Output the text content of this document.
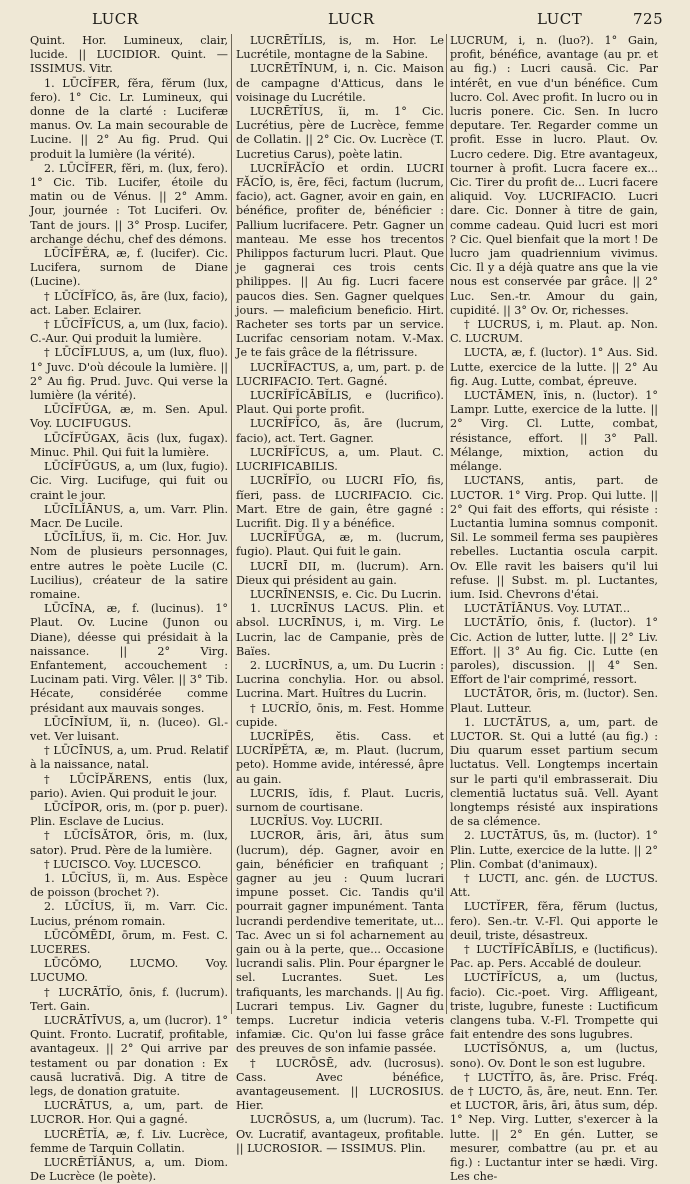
LUCR	LUCR	LUCT	725

Quint. Hor. Lumineux, clair, lucide. || LUCIDIOR. Quint. — ISSIMUS. Vitr.

1. LŪCĬFER, fĕra, fĕrum (lux, fero). 1° Cic. Lr. Lumineux, qui donne de la clarté : Luciferæ manus. Ov. La main secourable de Lucine. || 2° Au fig. Prud. Qui produit la lumière (la vérité).

2. LŪCĬFER, fĕri, m. (lux, fero). 1° Cic. Tib. Lucifer, étoile du matin ou de Vénus. || 2° Amm. Jour, journée : Tot Luciferi. Ov. Tant de jours. || 3° Prosp. Lucifer, archange déchu, chef des démons.

LŪCĬFĔRA, æ, f. (lucifer). Cic. Lucifera, surnom de Diane (Lucine).

† LŪCĬFĬCO, ās, āre (lux, facio), act. Laber. Eclairer.

† LŪCĬFĬCUS, a, um (lux, facio). C.-Aur. Qui produit la lumière.

† LŪCĬFLUUS, a, um (lux, fluo). 1° Juvc. D'où découle la lumière. || 2° Au fig. Prud. Juvc. Qui verse la lumière (la vérité).

LŪCĬFŬGA, æ, m. Sen. Apul. Voy. LUCIFUGUS.

LŪCĬFŬGAX, ācis (lux, fugax). Minuc. Phil. Qui fuit la lumière.

LŪCĬFŬGUS, a, um (lux, fugio). Cic. Virg. Lucifuge, qui fuit ou craint le jour.

LŪCĪLĬĀNUS, a, um. Varr. Plin. Macr. De Lucile.

LŪCĪLĬUS, ĭi, m. Cic. Hor. Juv. Nom de plusieurs personnages, entre autres le poète Lucile (C. Lucilius), créateur de la satire romaine.

LŪCĪNA, æ, f. (lucinus). 1° Plaut. Ov. Lucine (Junon ou Diane), déesse qui présidait à la naissance. || 2° Virg. Enfantement, accouchement : Lucinam pati. Virg. Vêler. || 3° Tib. Hécate, considérée comme présidant aux mauvais songes.

LŪCĪNĬUM, ĭi, n. (luceo). Gl.-vet. Ver luisant.

† LŪCĪNUS, a, um. Prud. Relatif à la naissance, natal.

† LŪCĬPĂRENS, entis (lux, pario). Avien. Qui produit le jour.

LŪCĬPOR, oris, m. (por p. puer). Plin. Esclave de Lucius.

† LŪCĬSĂTOR, ōris, m. (lux, sator). Prud. Père de la lumière.

† LUCISCO. Voy. LUCESCO.

1. LŪCĬUS, ĭi, m. Aus. Espèce de poisson (brochet ?).

2. LŪCĬUS, ĭi, m. Varr. Cic. Lucius, prénom romain.

LŪCŎMĒDI, ōrum, m. Fest. C. LUCERES.

LŪCŎMO, LUCMO. Voy. LUCUMO.

† LUCRĀTĬO, ōnis, f. (lucrum). Tert. Gain.

LUCRĀTĪVUS, a, um (lucror). 1° Quint. Fronto. Lucratif, profitable, avantageux. || 2° Qui arrive par testament ou par donation : Ex causā lucrativā. Dig. A titre de legs, de donation gratuite.

LUCRĀTUS, a, um, part. de LUCROR. Hor. Qui a gagné.

LUCRĒTĬA, æ, f. Liv. Lucrèce, femme de Tarquin Collatin.

LUCRĒTĬĀNUS, a, um. Diom. De Lucrèce (le poète).

LUCRĒTĬLIS, is, m. Hor. Le Lucrétile, montagne de la Sabine.

LUCRĒTĪNUM, i, n. Cic. Maison de campagne d'Atticus, dans le voisinage du Lucrétile.

LUCRĒTĬUS, ĭi, m. 1° Cic. Lucrétius, père de Lucrèce, femme de Collatin. || 2° Cic. Ov. Lucrèce (T. Lucretius Carus), poète latin.

LUCRĬFĂCĬO et ordin. LUCRI FĂCĬO, is, ēre, fēci, factum (lucrum, facio), act. Gagner, avoir en gain, en bénéfice, profiter de, bénéficier : Pallium lucrifacere. Petr. Gagner un manteau. Me esse hos trecentos Philippos facturum lucri. Plaut. Que je gagnerai ces trois cents philippes. || Au fig. Lucri facere paucos dies. Sen. Gagner quelques jours. — maleficium beneficio. Hirt. Racheter ses torts par un service. Lucrifac censoriam notam. V.-Max. Je te fais grâce de la flétrissure.

LUCRĬFACTUS, a, um, part. p. de LUCRIFACIO. Tert. Gagné.

LUCRĬFĬCĀBĬLIS, e (lucrifico). Plaut. Qui porte profit.

LUCRĬFĬCO, ās, āre (lucrum, facio), act. Tert. Gagner.

LUCRĬFĬCUS, a, um. Plaut. C. LUCRIFICABILIS.

LUCRĬFĬO, ou LUCRI FĪO, fis, fĭeri, pass. de LUCRIFACIO. Cic. Mart. Etre de gain, être gagné : Lucrifit. Dig. Il y a bénéfice.

LUCRĬFŬGA, æ, m. (lucrum, fugio). Plaut. Qui fuit le gain.

LUCRĪ DII, m. (lucrum). Arn. Dieux qui président au gain.

LUCRĪNENSIS, e. Cic. Du Lucrin.

1. LUCRĪNUS LACUS. Plin. et absol. LUCRĪNUS, i, m. Virg. Le Lucrin, lac de Campanie, près de Baïes.

2. LUCRĪNUS, a, um. Du Lucrin : Lucrina conchylia. Hor. ou absol. Lucrina. Mart. Huîtres du Lucrin.

† LUCRĬO, ōnis, m. Fest. Homme cupide.

LUCRĬPĒS, ĕtis. Cass. et LUCRĬPĔTA, æ, m. Plaut. (lucrum, peto). Homme avide, intéressé, âpre au gain.

LUCRIS, ĭdis, f. Plaut. Lucris, surnom de courtisane.

LUCRĬUS. Voy. LUCRII.

LUCROR, āris, āri, ātus sum (lucrum), dép. Gagner, avoir en gain, bénéficier en trafiquant ; gagner au jeu : Quum lucrari impune posset. Cic. Tandis qu'il pourrait gagner impunément. Tanta lucrandi perdendive temeritate, ut... Tac. Avec un si fol acharnement au gain ou à la perte, que... Occasione lucrandi salis. Plin. Pour épargner le sel. Lucrantes. Suet. Les trafiquants, les marchands. || Au fig. Lucrari tempus. Liv. Gagner du temps. Lucretur indicia veteris infamiæ. Cic. Qu'on lui fasse grâce des preuves de son infamie passée.

† LUCRŌSĒ, adv. (lucrosus). Cass. Avec bénéfice, avantageusement. || LUCROSIUS. Hier.

LUCRŌSUS, a, um (lucrum). Tac. Ov. Lucratif, avantageux, profitable. || LUCROSIOR. — ISSIMUS. Plin.

LUCRUM, i, n. (luo?). 1° Gain, profit, bénéfice, avantage (au pr. et au fig.) : Lucri causā. Cic. Par intérêt, en vue d'un bénéfice. Cum lucro. Col. Avec profit. In lucro ou in lucris ponere. Cic. Sen. In lucro deputare. Ter. Regarder comme un profit. Esse in lucro. Plaut. Ov. Lucro cedere. Dig. Etre avantageux, tourner à profit. Lucra facere ex... Cic. Tirer du profit de... Lucri facere aliquid. Voy. LUCRIFACIO. Lucri dare. Cic. Donner à titre de gain, comme cadeau. Quid lucri est mori ? Cic. Quel bienfait que la mort ! De lucro jam quadriennium vivimus. Cic. Il y a déjà quatre ans que la vie nous est conservée par grâce. || 2° Luc. Sen.-tr. Amour du gain, cupidité. || 3° Ov. Or, richesses.

† LUCRUS, i, m. Plaut. ap. Non. C. LUCRUM.

LUCTA, æ, f. (luctor). 1° Aus. Sid. Lutte, exercice de la lutte. || 2° Au fig. Aug. Lutte, combat, épreuve.

LUCTĀMEN, ĭnis, n. (luctor). 1° Lampr. Lutte, exercice de la lutte. || 2° Virg. Cl. Lutte, combat, résistance, effort. || 3° Pall. Mélange, mixtion, action du mélange.

LUCTANS, antis, part. de LUCTOR. 1° Virg. Prop. Qui lutte. || 2° Qui fait des efforts, qui résiste : Luctantia lumina somnus componit. Sil. Le sommeil ferma ses paupières rebelles. Luctantia oscula carpit. Ov. Elle ravit les baisers qu'il lui refuse. || Subst. m. pl. Luctantes, ium. Isid. Chevrons d'étai.

LUCTĀTĬĀNUS. Voy. LUTAT...

LUCTĀTĬO, ōnis, f. (luctor). 1° Cic. Action de lutter, lutte. || 2° Liv. Effort. || 3° Au fig. Cic. Lutte (en paroles), discussion. || 4° Sen. Effort de l'air comprimé, ressort.

LUCTĀTOR, ōris, m. (luctor). Sen. Plaut. Lutteur.

1. LUCTĀTUS, a, um, part. de LUCTOR. St. Qui a lutté (au fig.) : Diu quarum esset partium secum luctatus. Vell. Longtemps incertain sur le parti qu'il embrasserait. Diu clementiā luctatus suā. Vell. Ayant longtemps résisté aux inspirations de sa clémence.

2. LUCTĀTUS, ūs, m. (luctor). 1° Plin. Lutte, exercice de la lutte. || 2° Plin. Combat (d'animaux).

† LUCTI, anc. gén. de LUCTUS. Att.

LUCTĬFER, fĕra, fĕrum (luctus, fero). Sen.-tr. V.-Fl. Qui apporte le deuil, triste, désastreux.

† LUCTĬFĬCĀBĬLIS, e (luctificus). Pac. ap. Pers. Accablé de douleur.

LUCTĬFĬCUS, a, um (luctus, facio). Cic.-poet. Virg. Affligeant, triste, lugubre, funeste : Luctificum clangens tuba. V.-Fl. Trompette qui fait entendre des sons lugubres.

LUCTĬSŎNUS, a, um (luctus, sono). Ov. Dont le son est lugubre.

† LUCTĬTO, ās, āre. Prisc. Fréq. de † LUCTO, ās, āre, neut. Enn. Ter. et LUCTOR, āris, āri, ātus sum, dép. 1° Nep. Virg. Lutter, s'exercer à la lutte. || 2° En gén. Lutter, se mesurer, combattre (au pr. et au fig.) : Luctantur inter se hædi. Virg. Les che-
